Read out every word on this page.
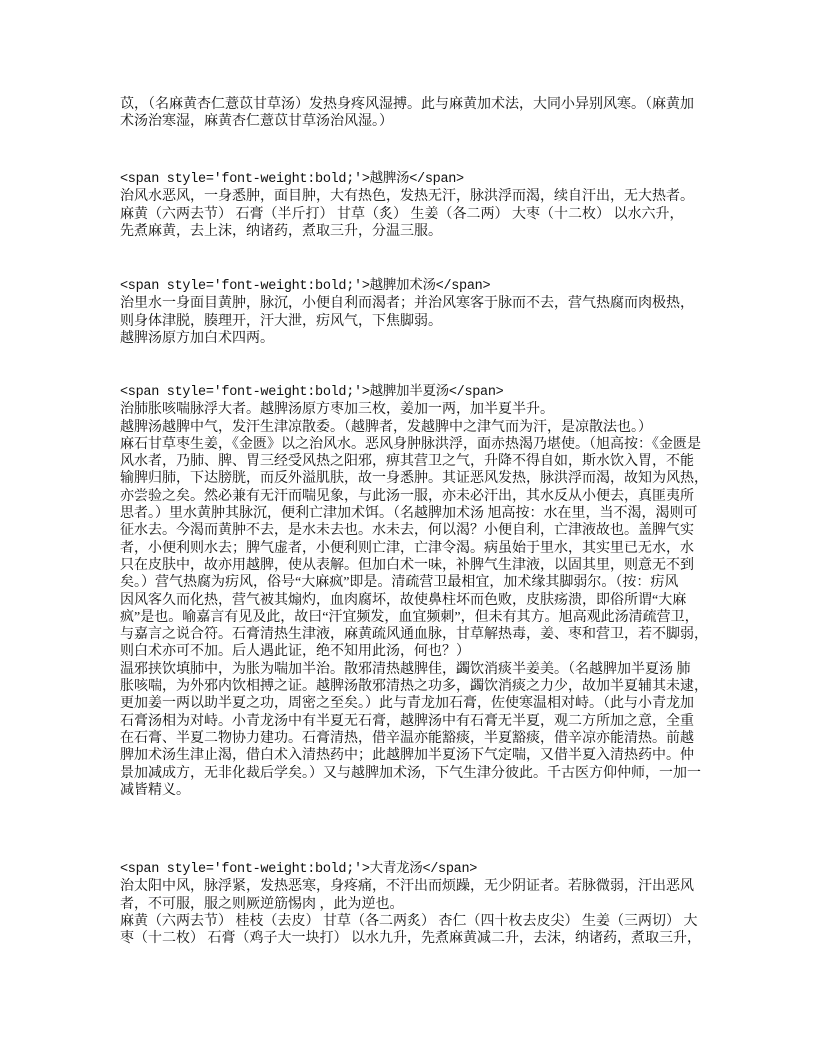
苡，（名麻黄杏仁薏苡甘草汤）发热身疼风湿搏。此与麻黄加术法，大同小异别风寒。（麻黄加
术汤治寒湿，麻黄杏仁薏苡甘草汤治风湿。）
<span style='font-weight:bold;'>越脾汤</span>
治风水恶风，一身悉肿，面目肿，大有热色，发热无汗，脉洪浮而渴，续自汗出，无大热者。
麻黄（六两去节） 石膏（半斤打） 甘草（炙） 生姜（各二两） 大枣（十二枚） 以水六升，
先煮麻黄，去上沫，纳诸药，煮取三升，分温三服。
<span style='font-weight:bold;'>越脾加术汤</span>
治里水一身面目黄肿，脉沉，小便自利而渴者；并治风寒客于脉而不去，营气热腐而肉极热，
则身体津脱，腠理开，汗大泄，疠风气，下焦脚弱。
越脾汤原方加白术四两。
<span style='font-weight:bold;'>越脾加半夏汤</span>
治肺胀咳喘脉浮大者。越脾汤原方枣加三枚，姜加一两，加半夏半升。
越脾汤越脾中气，发汗生津凉散委。（越脾者，发越脾中之津气而为汗，是凉散法也。）
麻石甘草枣生姜，《金匮》以之治风水。恶风身肿脉洪浮，面赤热渴乃堪使。（旭高按：《金匮是
风水者，乃肺、脾、胃三经受风热之阳邪，痹其营卫之气，升降不得自如，斯水饮入胃，不能
输脾归肺，下达膀胱，而反外溢肌肤，故一身悉肿。其证恶风发热，脉洪浮而渴，故知为风热，
亦尝验之矣。然必兼有无汗而喘见象，与此汤一服，亦未必汗出，其水反从小便去，真匪夷所
思者。）里水黄肿其脉沉，便利亡津加术饵。（名越脾加术汤 旭高按：水在里，当不渴，渴则可
征水去。今渴而黄肿不去，是水未去也。水未去，何以渴？小便自利，亡津液故也。盖脾气实
者，小便利则水去；脾气虚者，小便利则亡津，亡津令渴。病虽始于里水，其实里已无水，水
只在皮肤中，故亦用越脾，使从表解。但加白术一味，补脾气生津液，以固其里，则意无不到
矣。）营气热腐为疠风，俗号“大麻疯”即是。清疏营卫最相宜，加术缘其脚弱尔。（按：疠风
因风客久而化热，营气被其煽灼，血肉腐坏，故使鼻柱坏而色败，皮肤疡溃，即俗所谓“大麻
疯”是也。喻嘉言有见及此，故曰“汗宜频发，血宜频刺”，但未有其方。旭高观此汤清疏营卫，
与嘉言之说合符。石膏清热生津液，麻黄疏风通血脉，甘草解热毒，姜、枣和营卫，若不脚弱，
则白术亦可不加。后人遇此证，绝不知用此汤，何也？）
温邪挟饮填肺中，为胀为喘加半治。散邪清热越脾佳，蠲饮消痰半姜美。（名越脾加半夏汤 肺
胀咳喘，为外邪内饮相搏之证。越脾汤散邪清热之功多，蠲饮消痰之力少，故加半夏辅其未逮，
更加姜一两以助半夏之功，周密之至矣。）此与青龙加石膏，佐使寒温相对峙。（此与小青龙加
石膏汤相为对峙。小青龙汤中有半夏无石膏，越脾汤中有石膏无半夏，观二方所加之意，全重
在石膏、半夏二物协力建功。石膏清热，借辛温亦能豁痰，半夏豁痰，借辛凉亦能清热。前越
脾加术汤生津止渴，借白术入清热药中；此越脾加半夏汤下气定喘，又借半夏入清热药中。仲
景加减成方，无非化裁后学矣。）又与越脾加术汤，下气生津分彼此。千古医方仰仲师，一加一
减皆精义。
<span style='font-weight:bold;'>大青龙汤</span>
治太阳中风，脉浮紧，发热恶寒，身疼痛，不汗出而烦躁，无少阴证者。若脉微弱，汗出恶风
者，不可服，服之则厥逆筋惕肉 ，此为逆也。
麻黄（六两去节） 桂枝（去皮） 甘草（各二两炙） 杏仁（四十枚去皮尖） 生姜（三两切） 大
枣（十二枚） 石膏（鸡子大一块打） 以水九升，先煮麻黄减二升，去沫，纳诸药，煮取三升，
